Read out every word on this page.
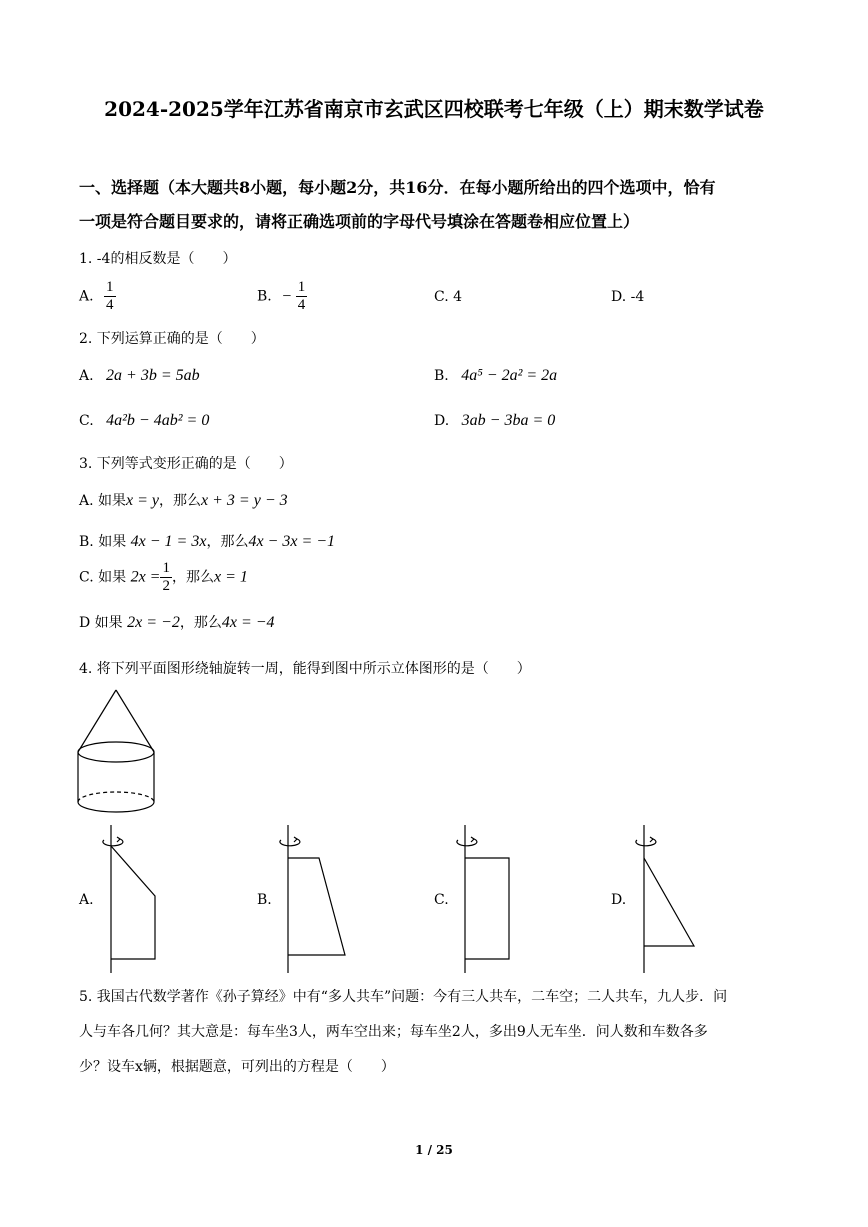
2024-2025学年江苏省南京市玄武区四校联考七年级（上）期末数学试卷
一、选择题（本大题共8小题，每小题2分，共16分．在每小题所给出的四个选项中，恰有
一项是符合题目要求的，请将正确选项前的字母代号填涂在答题卷相应位置上）
1. -4的相反数是（　　）
A. $\frac{1}{4}$	B. − $\frac{1}{4}$	C. 4	D. -4
2. 下列运算正确的是（　　）
A. 2a + 3b = 5ab	B. 4a⁵ − 2a² = 2a
C. 4a²b − 4ab² = 0	D. 3ab − 3ba = 0
3. 下列等式变形正确的是（　　）
A. 如果x = y，那么x + 3 = y − 3
B. 如果 4x − 1 = 3x，那么4x − 3x = −1
C. 如果 $2x = \frac{1}{2}$ ，那么x = 1
D 如果 2x = −2，那么4x = −4
4. 将下列平面图形绕轴旋转一周，能得到图中所示立体图形的是（　　）
A.	B.	C.	D.
5. 我国古代数学著作《孙子算经》中有“多人共车”问题：今有三人共车，二车空；二人共车，九人步．问
人与车各几何？其大意是：每车坐3人，两车空出来；每车坐2人，多出9人无车坐．问人数和车数各多
少？设车x辆，根据题意，可列出的方程是（　　）
1 / 25
